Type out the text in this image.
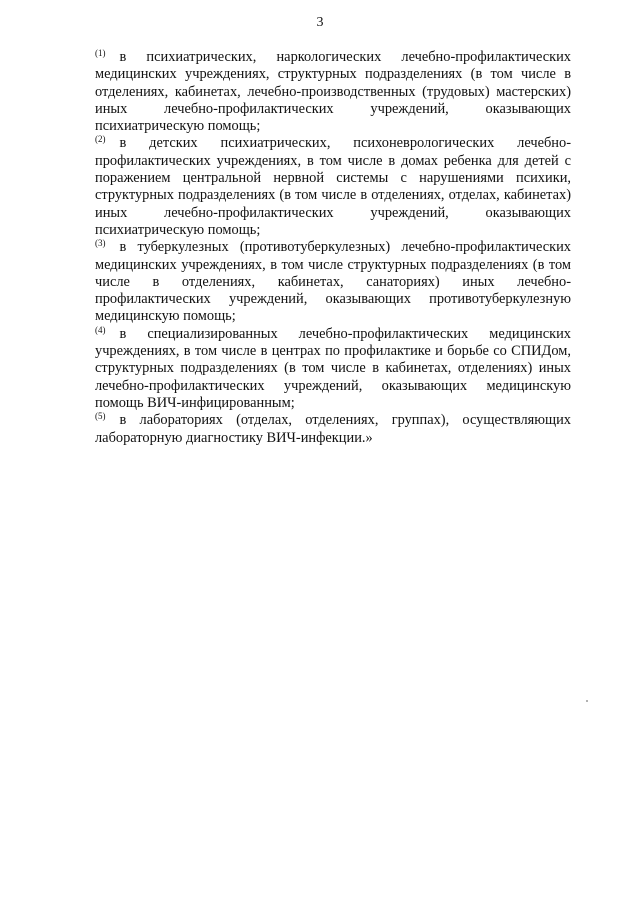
3

$^{(1)}$ в психиатрических, наркологических лечебно-профилактических медицинских учреждениях, структурных подразделениях (в том числе в отделениях, кабинетах, лечебно-производственных (трудовых) мастерских) иных лечебно-профилактических учреждений, оказывающих психиатрическую помощь;

$^{(2)}$ в детских психиатрических, психоневрологических лечебно-профилактических учреждениях, в том числе в домах ребенка для детей с поражением центральной нервной системы с нарушениями психики, структурных подразделениях (в том числе в отделениях, отделах, кабинетах) иных лечебно-профилактических учреждений, оказывающих психиатрическую помощь;

$^{(3)}$ в туберкулезных (противотуберкулезных) лечебно-профилактических медицинских учреждениях, в том числе структурных подразделениях (в том числе в отделениях, кабинетах, санаториях) иных лечебно-профилактических учреждений, оказывающих противотуберкулезную медицинскую помощь;

$^{(4)}$ в специализированных лечебно-профилактических медицинских учреждениях, в том числе в центрах по профилактике и борьбе со СПИДом, структурных подразделениях (в том числе в кабинетах, отделениях) иных лечебно-профилактических учреждений, оказывающих медицинскую помощь ВИЧ-инфицированным;

$^{(5)}$ в лабораториях (отделах, отделениях, группах), осуществляющих лабораторную диагностику ВИЧ-инфекции.»
